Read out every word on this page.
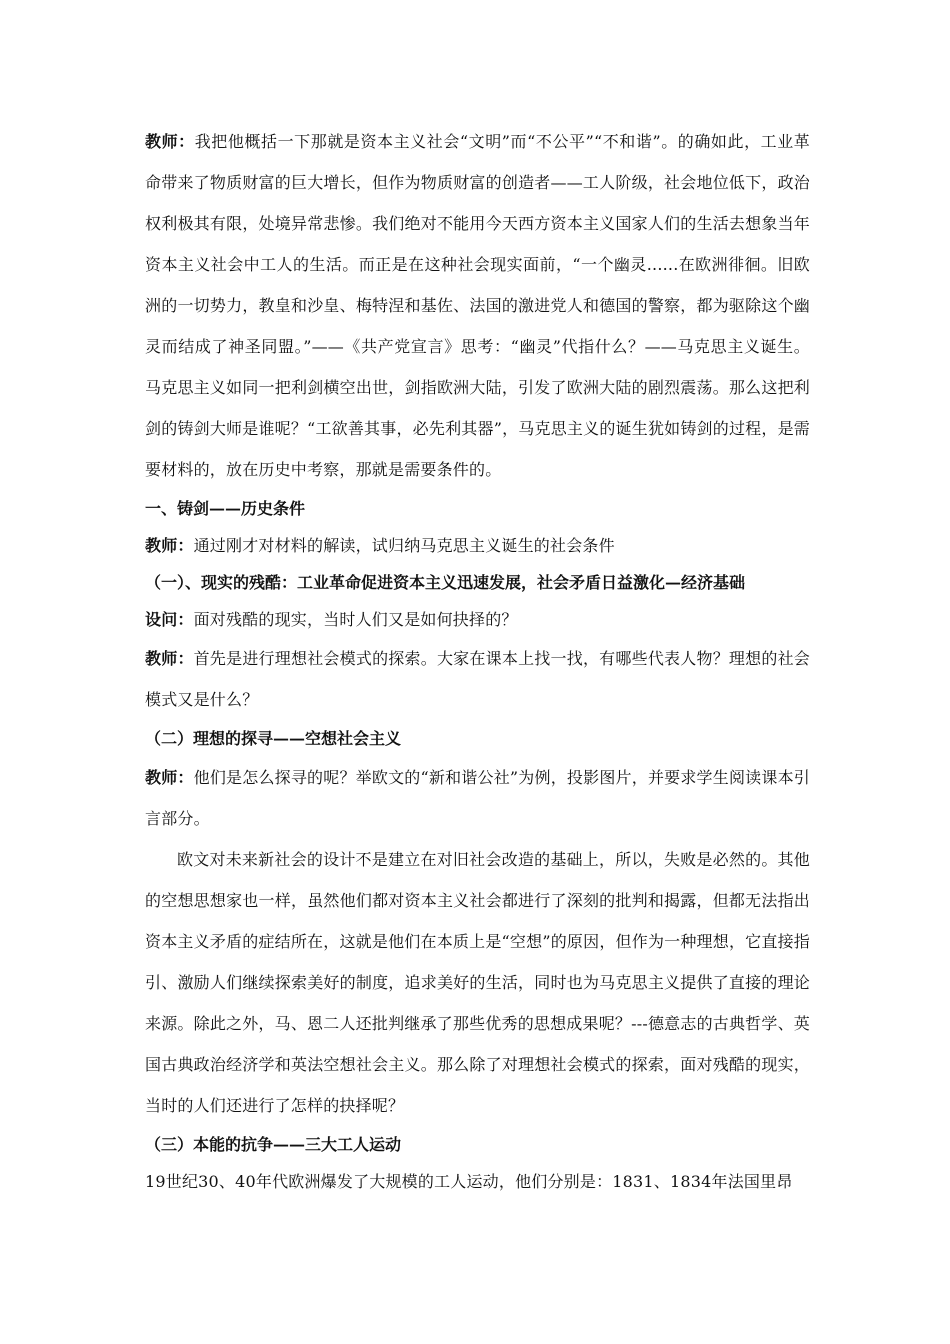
教师：我把他概括一下那就是资本主义社会“文明”而“不公平”“不和谐”。的确如此，工业革命带来了物质财富的巨大增长，但作为物质财富的创造者——工人阶级，社会地位低下，政治权利极其有限，处境异常悲惨。我们绝对不能用今天西方资本主义国家人们的生活去想象当年资本主义社会中工人的生活。而正是在这种社会现实面前，“一个幽灵......在欧洲徘徊。旧欧洲的一切势力，教皇和沙皇、梅特涅和基佐、法国的激进党人和德国的警察，都为驱除这个幽灵而结成了神圣同盟。”——《共产党宣言》思考：“幽灵”代指什么？——马克思主义诞生。马克思主义如同一把利剑横空出世，剑指欧洲大陆，引发了欧洲大陆的剧烈震荡。那么这把利剑的铸剑大师是谁呢？“工欲善其事，必先利其器”，马克思主义的诞生犹如铸剑的过程，是需要材料的，放在历史中考察，那就是需要条件的。

一、铸剑——历史条件

教师：通过刚才对材料的解读，试归纳马克思主义诞生的社会条件

（一）、现实的残酷：工业革命促进资本主义迅速发展，社会矛盾日益激化—经济基础

设问：面对残酷的现实，当时人们又是如何抉择的？

教师：首先是进行理想社会模式的探索。大家在课本上找一找，有哪些代表人物？理想的社会模式又是什么？

（二）理想的探寻——空想社会主义

教师：他们是怎么探寻的呢？举欧文的“新和谐公社”为例，投影图片，并要求学生阅读课本引言部分。

欧文对未来新社会的设计不是建立在对旧社会改造的基础上，所以，失败是必然的。其他的空想思想家也一样，虽然他们都对资本主义社会都进行了深刻的批判和揭露，但都无法指出资本主义矛盾的症结所在，这就是他们在本质上是“空想”的原因，但作为一种理想，它直接指引、激励人们继续探索美好的制度，追求美好的生活，同时也为马克思主义提供了直接的理论来源。除此之外，马、恩二人还批判继承了那些优秀的思想成果呢？---德意志的古典哲学、英国古典政治经济学和英法空想社会主义。那么除了对理想社会模式的探索，面对残酷的现实，当时的人们还进行了怎样的抉择呢？

（三）本能的抗争——三大工人运动

19世纪30、40年代欧洲爆发了大规模的工人运动，他们分别是：1831、1834年法国里昂
